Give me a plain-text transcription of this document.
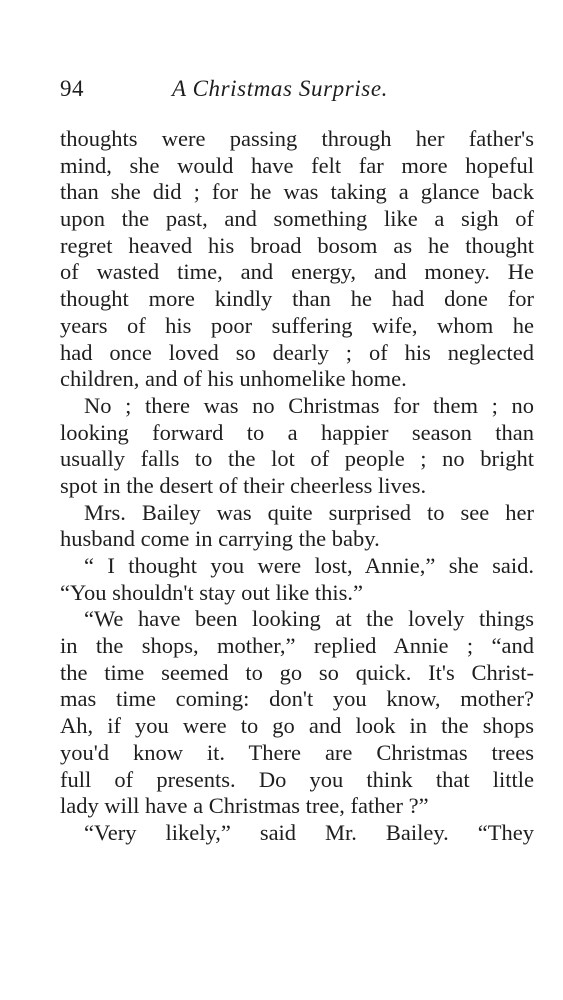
94	A Christmas Surprise.
thoughts were passing through her father's
mind, she would have felt far more hopeful
than she did ; for he was taking a glance back
upon the past, and something like a sigh of
regret heaved his broad bosom as he thought
of wasted time, and energy, and money. He
thought more kindly than he had done for
years of his poor suffering wife, whom he
had once loved so dearly ; of his neglected
children, and of his unhomelike home.
No ; there was no Christmas for them ; no
looking forward to a happier season than
usually falls to the lot of people ; no bright
spot in the desert of their cheerless lives.
Mrs. Bailey was quite surprised to see her
husband come in carrying the baby.
“ I thought you were lost, Annie,” she said.
“You shouldn't stay out like this.”
“We have been looking at the lovely things
in the shops, mother,” replied Annie ; “and
the time seemed to go so quick. It's Christ-
mas time coming: don't you know, mother?
Ah, if you were to go and look in the shops
you'd know it. There are Christmas trees
full of presents. Do you think that little
lady will have a Christmas tree, father ?”
“Very likely,” said Mr. Bailey. “They
